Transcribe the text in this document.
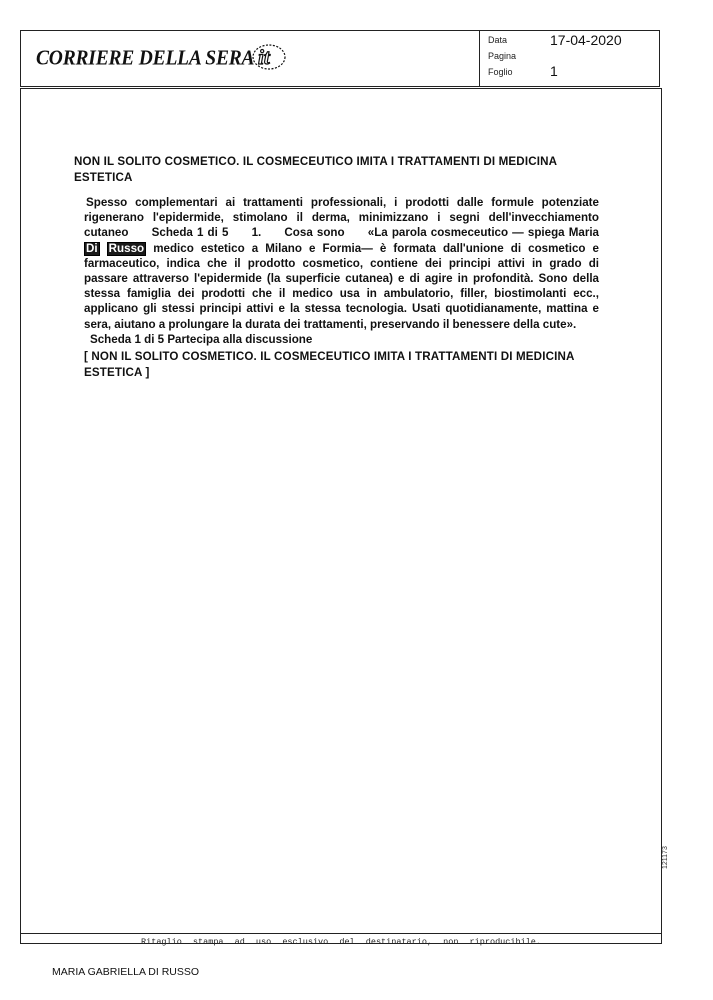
CORRIERE DELLA SERA it
Data	17-04-2020
Pagina
Foglio	1
NON IL SOLITO COSMETICO. IL COSMECEUTICO IMITA I TRATTAMENTI DI MEDICINA ESTETICA
Spesso complementari ai trattamenti professionali, i prodotti dalle formule potenziate rigenerano l'epidermide, stimolano il derma, minimizzano i segni dell'invecchiamento cutaneo  Scheda 1 di 5  1.  Cosa sono  «La parola cosmeceutico — spiega Maria Di Russo medico estetico a Milano e Formia— è formata dall'unione di cosmetico e farmaceutico, indica che il prodotto cosmetico, contiene dei principi attivi in grado di passare attraverso l'epidermide (la superficie cutanea) e di agire in profondità. Sono della stessa famiglia dei prodotti che il medico usa in ambulatorio, filler, biostimolanti ecc., applicano gli stessi principi attivi e la stessa tecnologia. Usati quotidianamente, mattina e sera, aiutano a prolungare la durata dei trattamenti, preservando il benessere della cute».
Scheda 1 di 5 Partecipa alla discussione
[ NON IL SOLITO COSMETICO. IL COSMECEUTICO IMITA I TRATTAMENTI DI MEDICINA ESTETICA ]
121173
Ritaglio stampa ad uso esclusivo del destinatario, non riproducibile.
MARIA GABRIELLA DI RUSSO
